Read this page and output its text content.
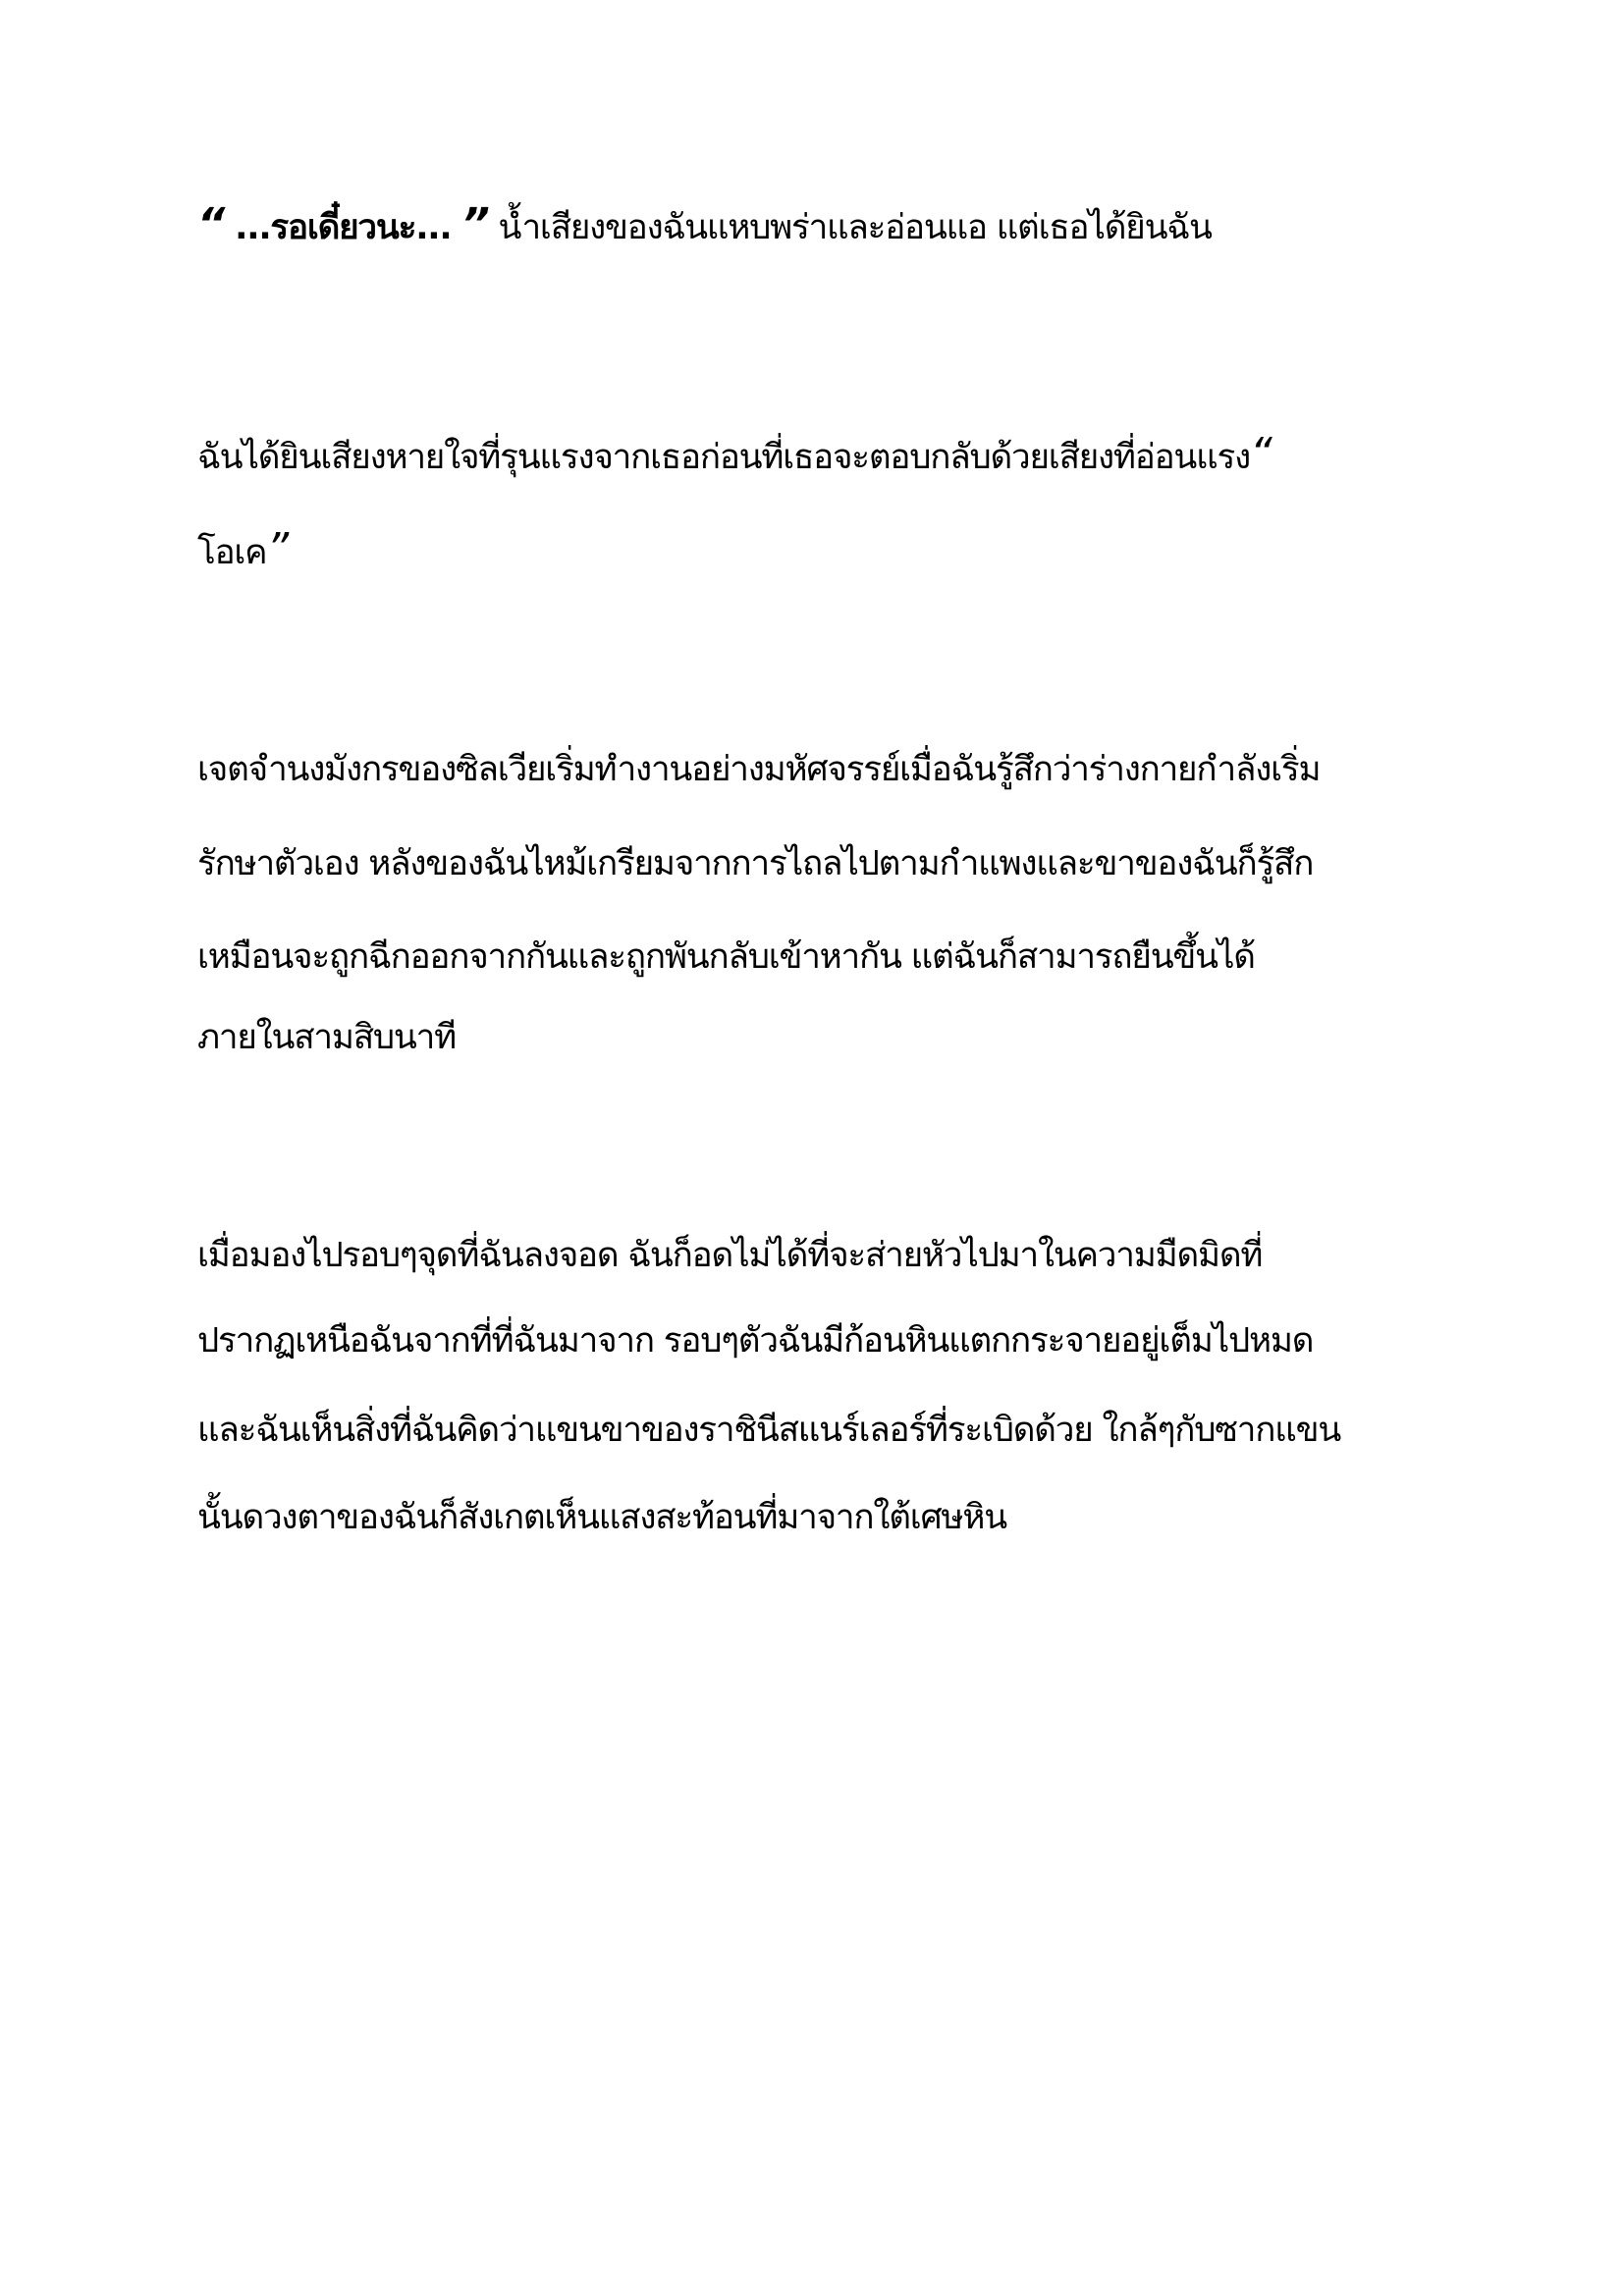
“ ...รอเดี๋ยวนะ... ” น้ำเสียงของฉันแหบพร่าและอ่อนแอ แต่เธอได้ยินฉัน
ฉันได้ยินเสียงหายใจที่รุนแรงจากเธอก่อนที่เธอจะตอบกลับด้วยเสียงที่อ่อนแรง“
โอเค”
เจตจำนงมังกรของซิลเวียเริ่มทำงานอย่างมหัศจรรย์เมื่อฉันรู้สึกว่าร่างกายกำลังเริ่ม
รักษาตัวเอง หลังของฉันไหม้เกรียมจากการไถลไปตามกำแพงและขาของฉันก็รู้สึก
เหมือนจะถูกฉีกออกจากกันและถูกพันกลับเข้าหากัน แต่ฉันก็สามารถยืนขึ้นได้
ภายในสามสิบนาที
เมื่อมองไปรอบๆจุดที่ฉันลงจอด ฉันก็อดไม่ได้ที่จะส่ายหัวไปมาในความมืดมิดที่
ปรากฏเหนือฉันจากที่ที่ฉันมาจาก รอบๆตัวฉันมีก้อนหินแตกกระจายอยู่เต็มไปหมด
และฉันเห็นสิ่งที่ฉันคิดว่าแขนขาของราชินีสแนร์เลอร์ที่ระเบิดด้วย ใกล้ๆกับซากแขน
นั้นดวงตาของฉันก็สังเกตเห็นแสงสะท้อนที่มาจากใต้เศษหิน
